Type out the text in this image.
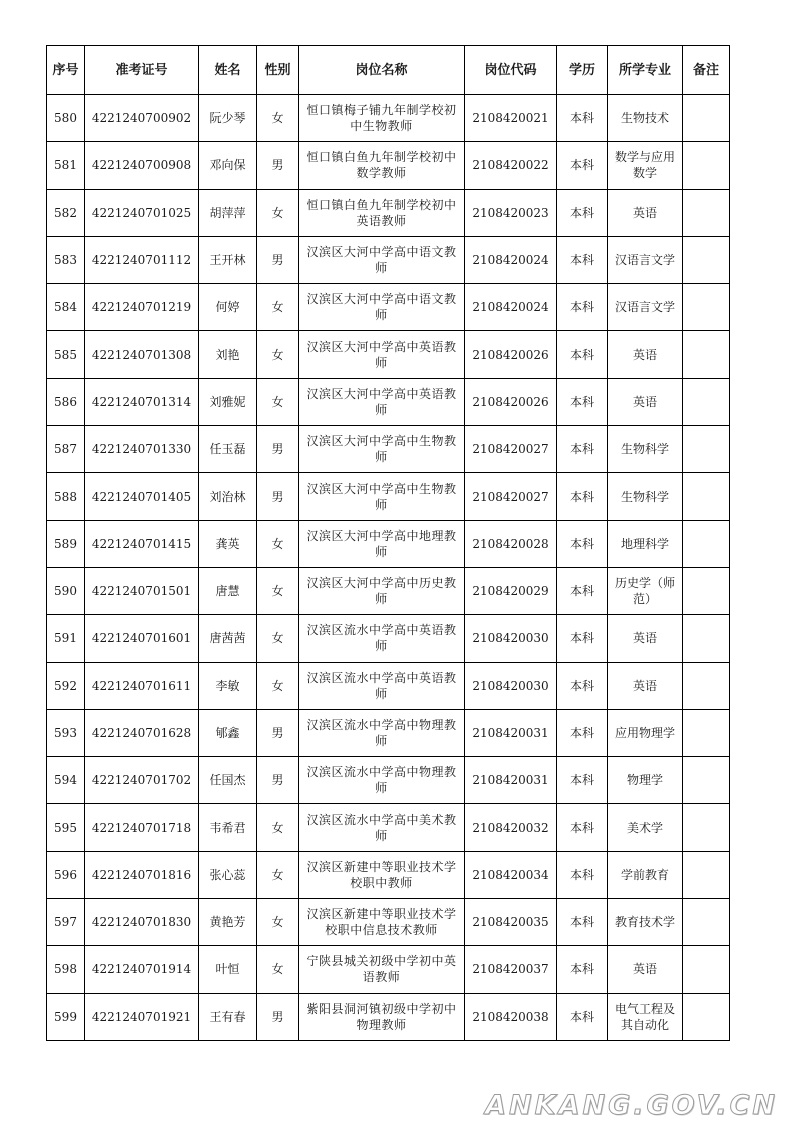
序号	准考证号	姓名	性别	岗位名称	岗位代码	学历	所学专业	备注
580	4221240700902	阮少琴	女	恒口镇梅子铺九年制学校初中生物教师	2108420021	本科	生物技术	
581	4221240700908	邓向保	男	恒口镇白鱼九年制学校初中数学教师	2108420022	本科	数学与应用数学	
582	4221240701025	胡萍萍	女	恒口镇白鱼九年制学校初中英语教师	2108420023	本科	英语	
583	4221240701112	王开林	男	汉滨区大河中学高中语文教师	2108420024	本科	汉语言文学	
584	4221240701219	何婷	女	汉滨区大河中学高中语文教师	2108420024	本科	汉语言文学	
585	4221240701308	刘艳	女	汉滨区大河中学高中英语教师	2108420026	本科	英语	
586	4221240701314	刘雅妮	女	汉滨区大河中学高中英语教师	2108420026	本科	英语	
587	4221240701330	任玉磊	男	汉滨区大河中学高中生物教师	2108420027	本科	生物科学	
588	4221240701405	刘治林	男	汉滨区大河中学高中生物教师	2108420027	本科	生物科学	
589	4221240701415	龚英	女	汉滨区大河中学高中地理教师	2108420028	本科	地理科学	
590	4221240701501	唐慧	女	汉滨区大河中学高中历史教师	2108420029	本科	历史学（师范）	
591	4221240701601	唐茜茜	女	汉滨区流水中学高中英语教师	2108420030	本科	英语	
592	4221240701611	李敏	女	汉滨区流水中学高中英语教师	2108420030	本科	英语	
593	4221240701628	郇鑫	男	汉滨区流水中学高中物理教师	2108420031	本科	应用物理学	
594	4221240701702	任国杰	男	汉滨区流水中学高中物理教师	2108420031	本科	物理学	
595	4221240701718	韦希君	女	汉滨区流水中学高中美术教师	2108420032	本科	美术学	
596	4221240701816	张心蕊	女	汉滨区新建中等职业技术学校职中教师	2108420034	本科	学前教育	
597	4221240701830	黄艳芳	女	汉滨区新建中等职业技术学校职中信息技术教师	2108420035	本科	教育技术学	
598	4221240701914	叶恒	女	宁陕县城关初级中学初中英语教师	2108420037	本科	英语	
599	4221240701921	王有春	男	紫阳县洞河镇初级中学初中物理教师	2108420038	本科	电气工程及其自动化	
ANKANG.GOV.CN
